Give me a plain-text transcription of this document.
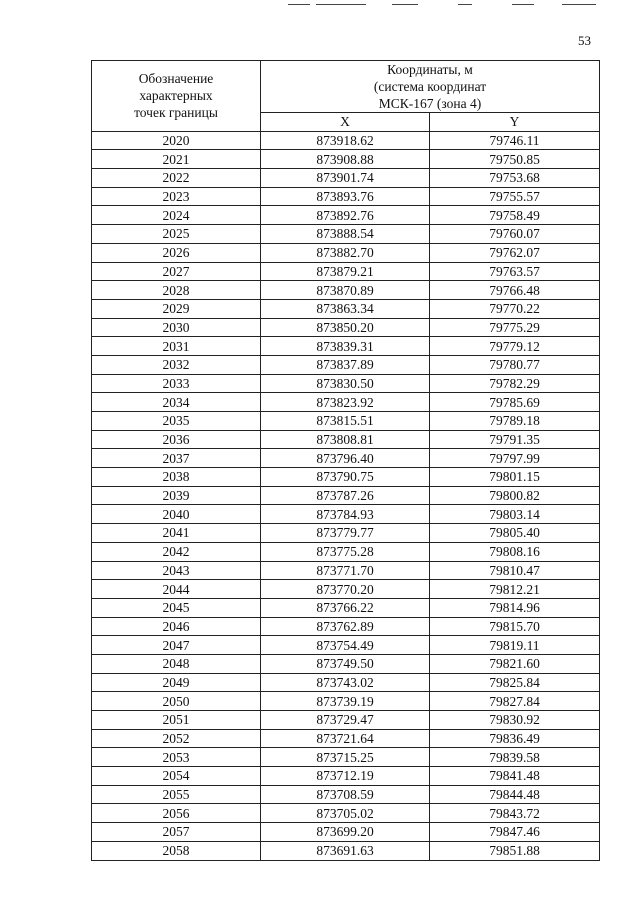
53
Обозначение
характерных
точек границы	Координаты, м
(система координат
МСК-167 (зона 4)	

	X	Y
2020	873918.62	79746.11
2021	873908.88	79750.85
2022	873901.74	79753.68
2023	873893.76	79755.57
2024	873892.76	79758.49
2025	873888.54	79760.07
2026	873882.70	79762.07
2027	873879.21	79763.57
2028	873870.89	79766.48
2029	873863.34	79770.22
2030	873850.20	79775.29
2031	873839.31	79779.12
2032	873837.89	79780.77
2033	873830.50	79782.29
2034	873823.92	79785.69
2035	873815.51	79789.18
2036	873808.81	79791.35
2037	873796.40	79797.99
2038	873790.75	79801.15
2039	873787.26	79800.82
2040	873784.93	79803.14
2041	873779.77	79805.40
2042	873775.28	79808.16
2043	873771.70	79810.47
2044	873770.20	79812.21
2045	873766.22	79814.96
2046	873762.89	79815.70
2047	873754.49	79819.11
2048	873749.50	79821.60
2049	873743.02	79825.84
2050	873739.19	79827.84
2051	873729.47	79830.92
2052	873721.64	79836.49
2053	873715.25	79839.58
2054	873712.19	79841.48
2055	873708.59	79844.48
2056	873705.02	79843.72
2057	873699.20	79847.46
2058	873691.63	79851.88
